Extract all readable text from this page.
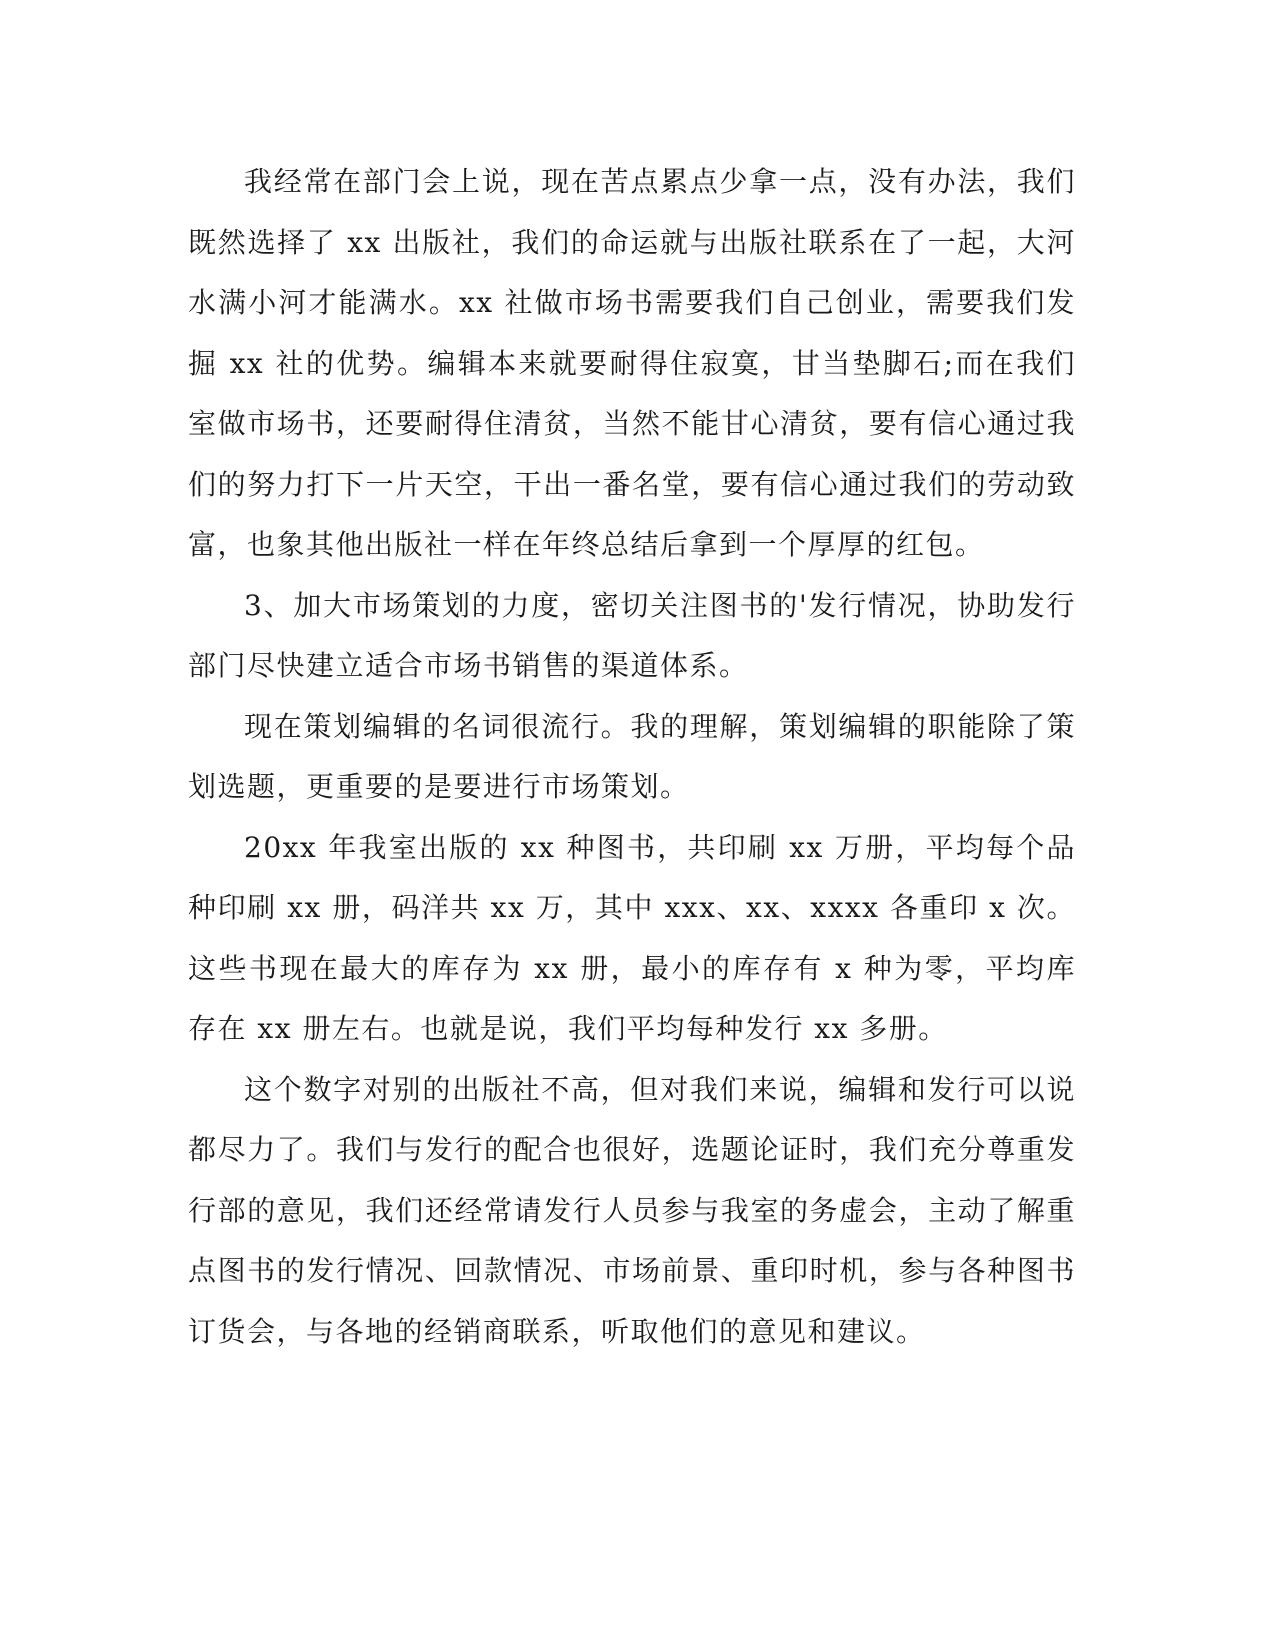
我经常在部门会上说，现在苦点累点少拿一点，没有办法，我们既然选择了 xx 出版社，我们的命运就与出版社联系在了一起，大河水满小河才能满水。xx 社做市场书需要我们自己创业，需要我们发掘 xx 社的优势。编辑本来就要耐得住寂寞，甘当垫脚石;而在我们室做市场书，还要耐得住清贫，当然不能甘心清贫，要有信心通过我们的努力打下一片天空，干出一番名堂，要有信心通过我们的劳动致富，也象其他出版社一样在年终总结后拿到一个厚厚的红包。

3、加大市场策划的力度，密切关注图书的'发行情况，协助发行部门尽快建立适合市场书销售的渠道体系。

现在策划编辑的名词很流行。我的理解，策划编辑的职能除了策划选题，更重要的是要进行市场策划。

20xx 年我室出版的 xx 种图书，共印刷 xx 万册，平均每个品种印刷 xx 册，码洋共 xx 万，其中 xxx、xx、xxxx 各重印 x 次。这些书现在最大的库存为 xx 册，最小的库存有 x 种为零，平均库存在 xx 册左右。也就是说，我们平均每种发行 xx 多册。

这个数字对别的出版社不高，但对我们来说，编辑和发行可以说都尽力了。我们与发行的配合也很好，选题论证时，我们充分尊重发行部的意见，我们还经常请发行人员参与我室的务虚会，主动了解重点图书的发行情况、回款情况、市场前景、重印时机，参与各种图书订货会，与各地的经销商联系，听取他们的意见和建议。
